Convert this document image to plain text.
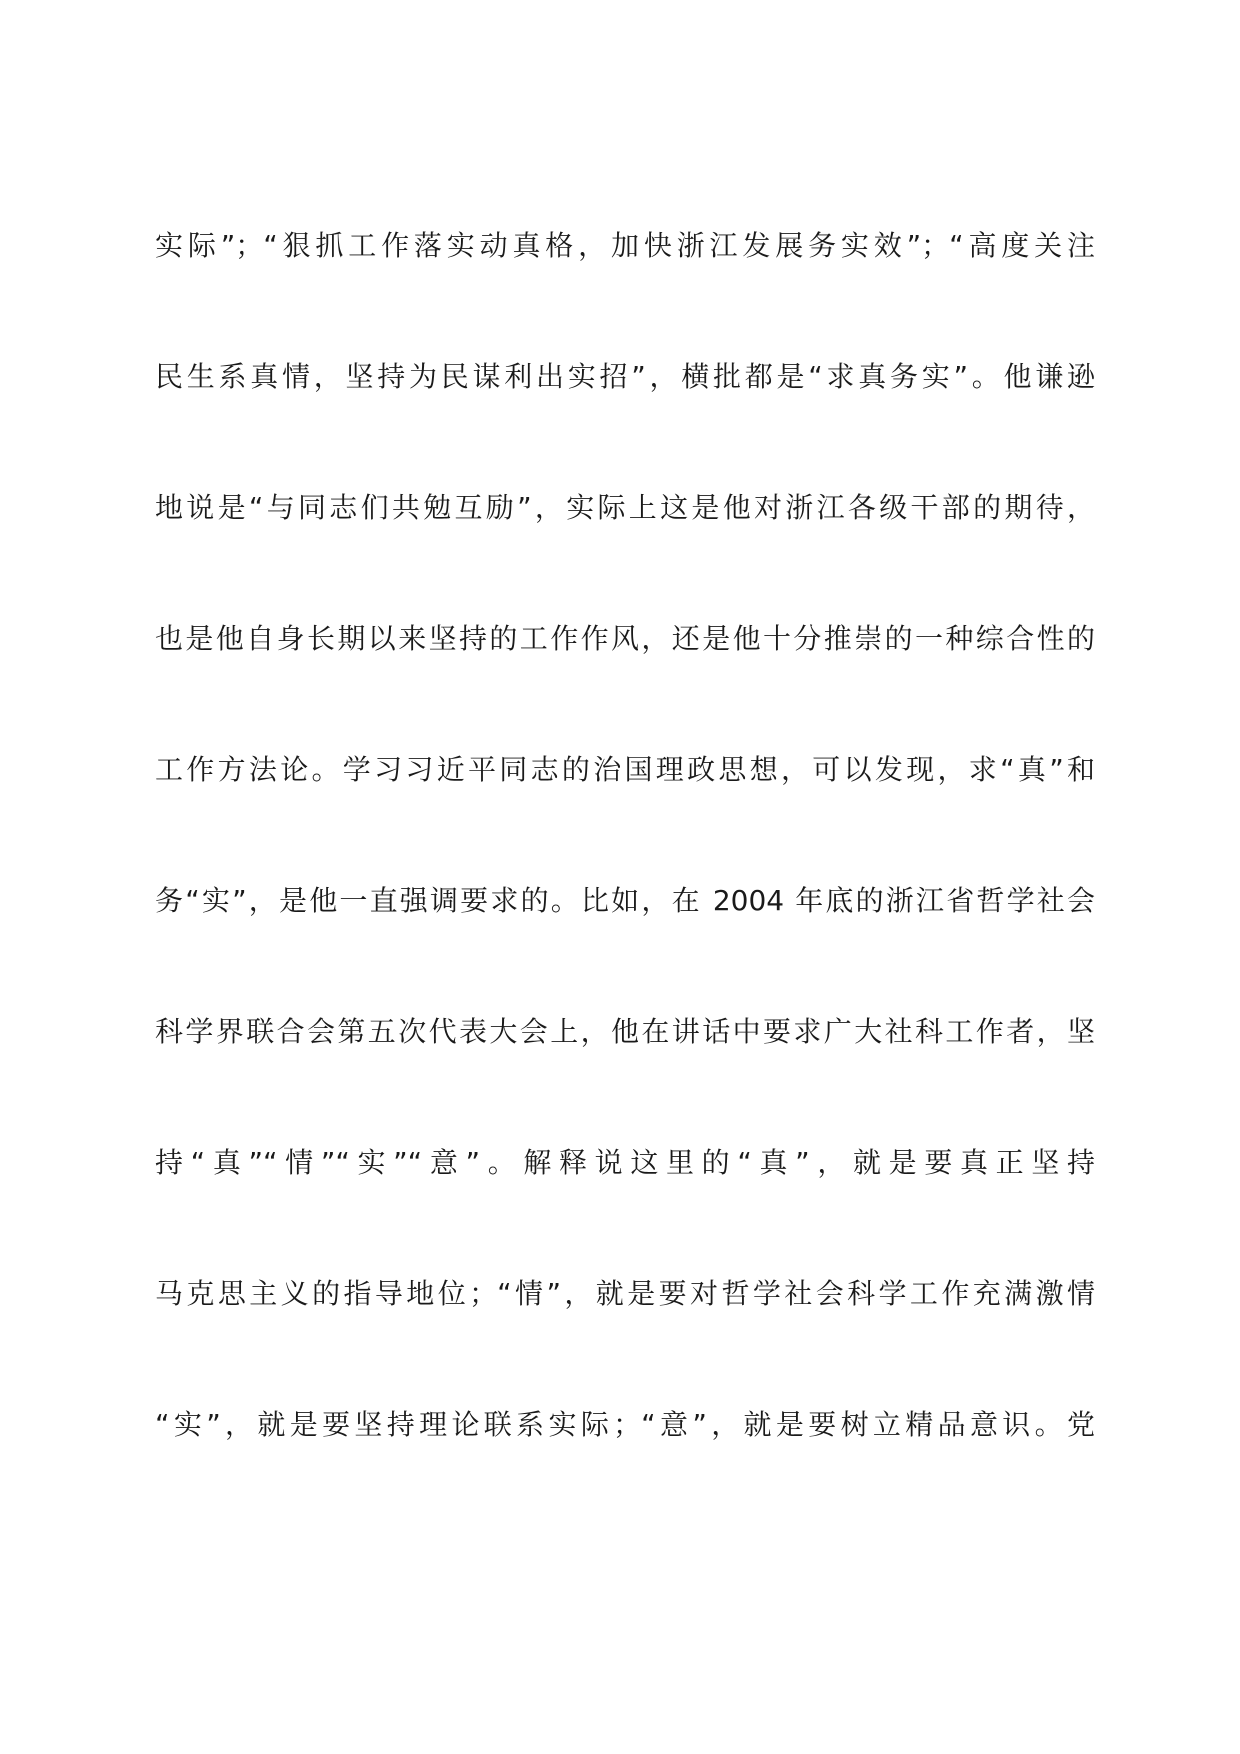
实际”；“狠抓工作落实动真格，加快浙江发展务实效”；“高度关注
民生系真情，坚持为民谋利出实招”，横批都是“求真务实”。他谦逊
地说是“与同志们共勉互励”，实际上这是他对浙江各级干部的期待，
也是他自身长期以来坚持的工作作风，还是他十分推崇的一种综合性的
工作方法论。学习习近平同志的治国理政思想，可以发现，求“真”和
务“实”，是他一直强调要求的。比如，在 2004 年底的浙江省哲学社会
科学界联合会第五次代表大会上，他在讲话中要求广大社科工作者，坚
持“真”“情”“实”“意”。解释说这里的“真”，就是要真正坚持
马克思主义的指导地位；“情”，就是要对哲学社会科学工作充满激情
“实”，就是要坚持理论联系实际；“意”，就是要树立精品意识。党
